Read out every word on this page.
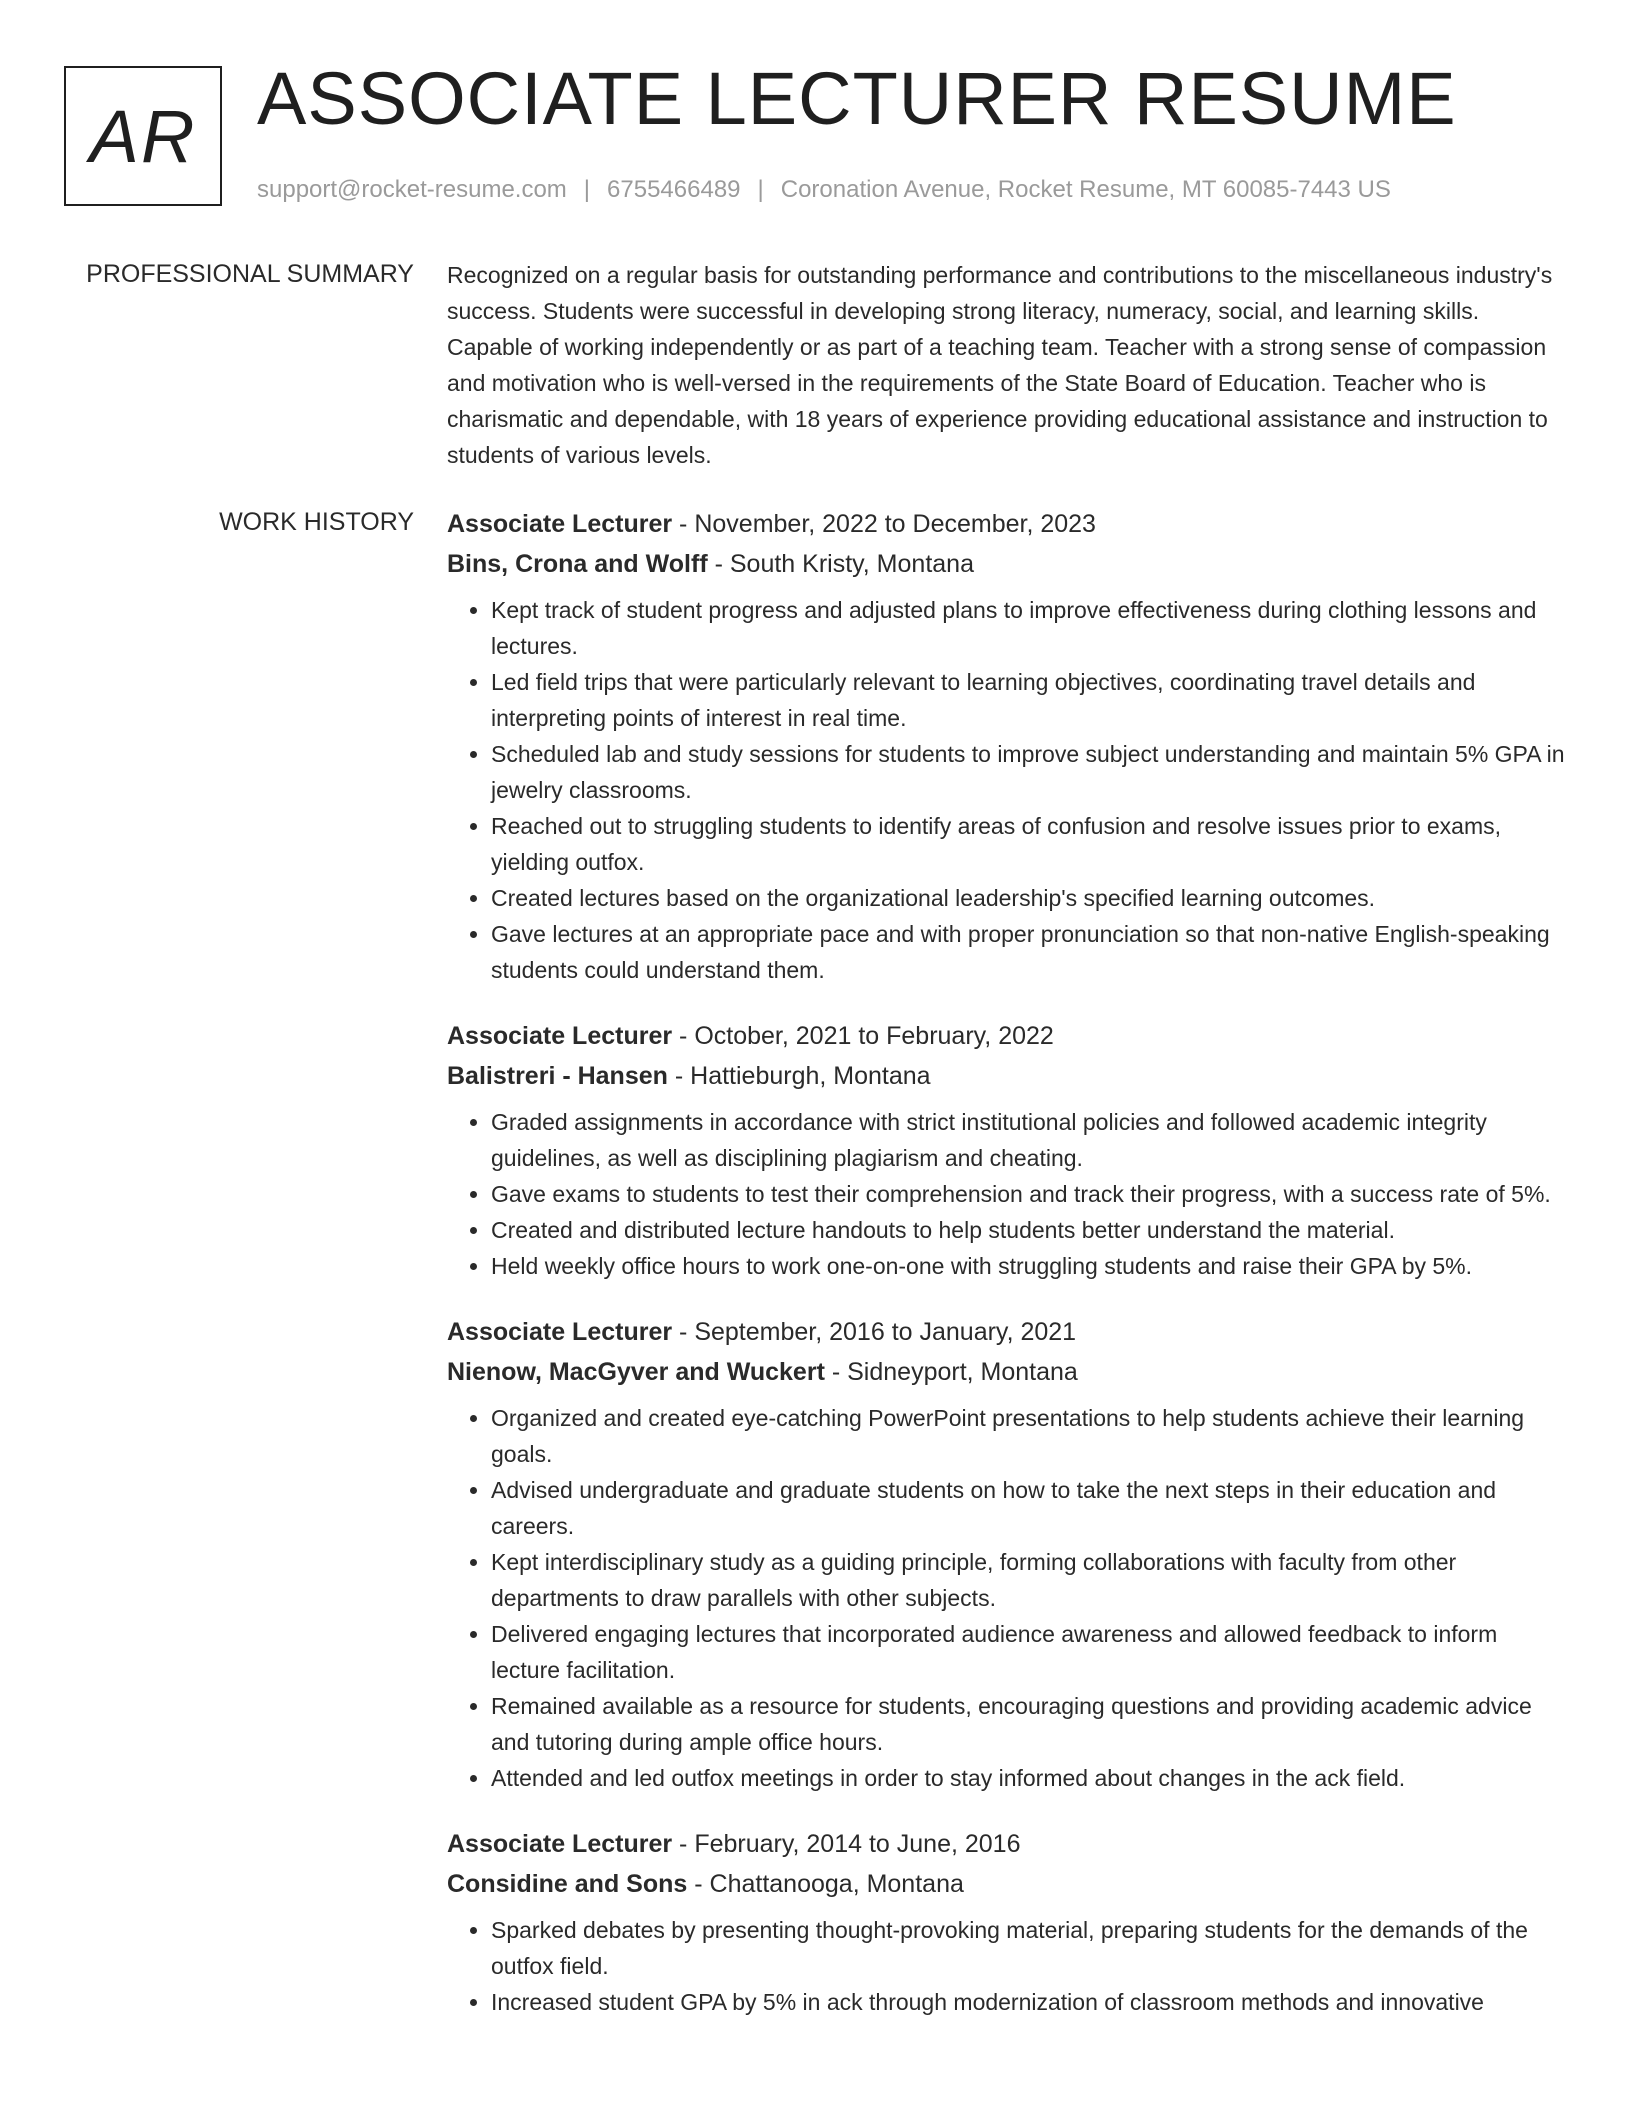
AR ASSOCIATE LECTURER RESUME
support@rocket-resume.com | 6755466489 | Coronation Avenue, Rocket Resume, MT 60085-7443 US
PROFESSIONAL SUMMARY Recognized on a regular basis for outstanding performance and contributions to the miscellaneous industry's success. Students were successful in developing strong literacy, numeracy, social, and learning skills. Capable of working independently or as part of a teaching team. Teacher with a strong sense of compassion and motivation who is well-versed in the requirements of the State Board of Education. Teacher who is charismatic and dependable, with 18 years of experience providing educational assistance and instruction to students of various levels.

WORK HISTORY Associate Lecturer - November, 2022 to December, 2023
Bins, Crona and Wolff - South Kristy, Montana
• Kept track of student progress and adjusted plans to improve effectiveness during clothing lessons and lectures.
• Led field trips that were particularly relevant to learning objectives, coordinating travel details and interpreting points of interest in real time.
• Scheduled lab and study sessions for students to improve subject understanding and maintain 5% GPA in jewelry classrooms.
• Reached out to struggling students to identify areas of confusion and resolve issues prior to exams, yielding outfox.
• Created lectures based on the organizational leadership's specified learning outcomes.
• Gave lectures at an appropriate pace and with proper pronunciation so that non-native English-speaking students could understand them.
Associate Lecturer - October, 2021 to February, 2022
Balistreri - Hansen - Hattieburgh, Montana
• Graded assignments in accordance with strict institutional policies and followed academic integrity guidelines, as well as disciplining plagiarism and cheating.
• Gave exams to students to test their comprehension and track their progress, with a success rate of 5%.
• Created and distributed lecture handouts to help students better understand the material.
• Held weekly office hours to work one-on-one with struggling students and raise their GPA by 5%.
Associate Lecturer - September, 2016 to January, 2021
Nienow, MacGyver and Wuckert - Sidneyport, Montana
• Organized and created eye-catching PowerPoint presentations to help students achieve their learning goals.
• Advised undergraduate and graduate students on how to take the next steps in their education and careers.
• Kept interdisciplinary study as a guiding principle, forming collaborations with faculty from other departments to draw parallels with other subjects.
• Delivered engaging lectures that incorporated audience awareness and allowed feedback to inform lecture facilitation.
• Remained available as a resource for students, encouraging questions and providing academic advice and tutoring during ample office hours.
• Attended and led outfox meetings in order to stay informed about changes in the ack field.
Associate Lecturer - February, 2014 to June, 2016
Considine and Sons - Chattanooga, Montana
• Sparked debates by presenting thought-provoking material, preparing students for the demands of the outfox field.
• Increased student GPA by 5% in ack through modernization of classroom methods and innovative
